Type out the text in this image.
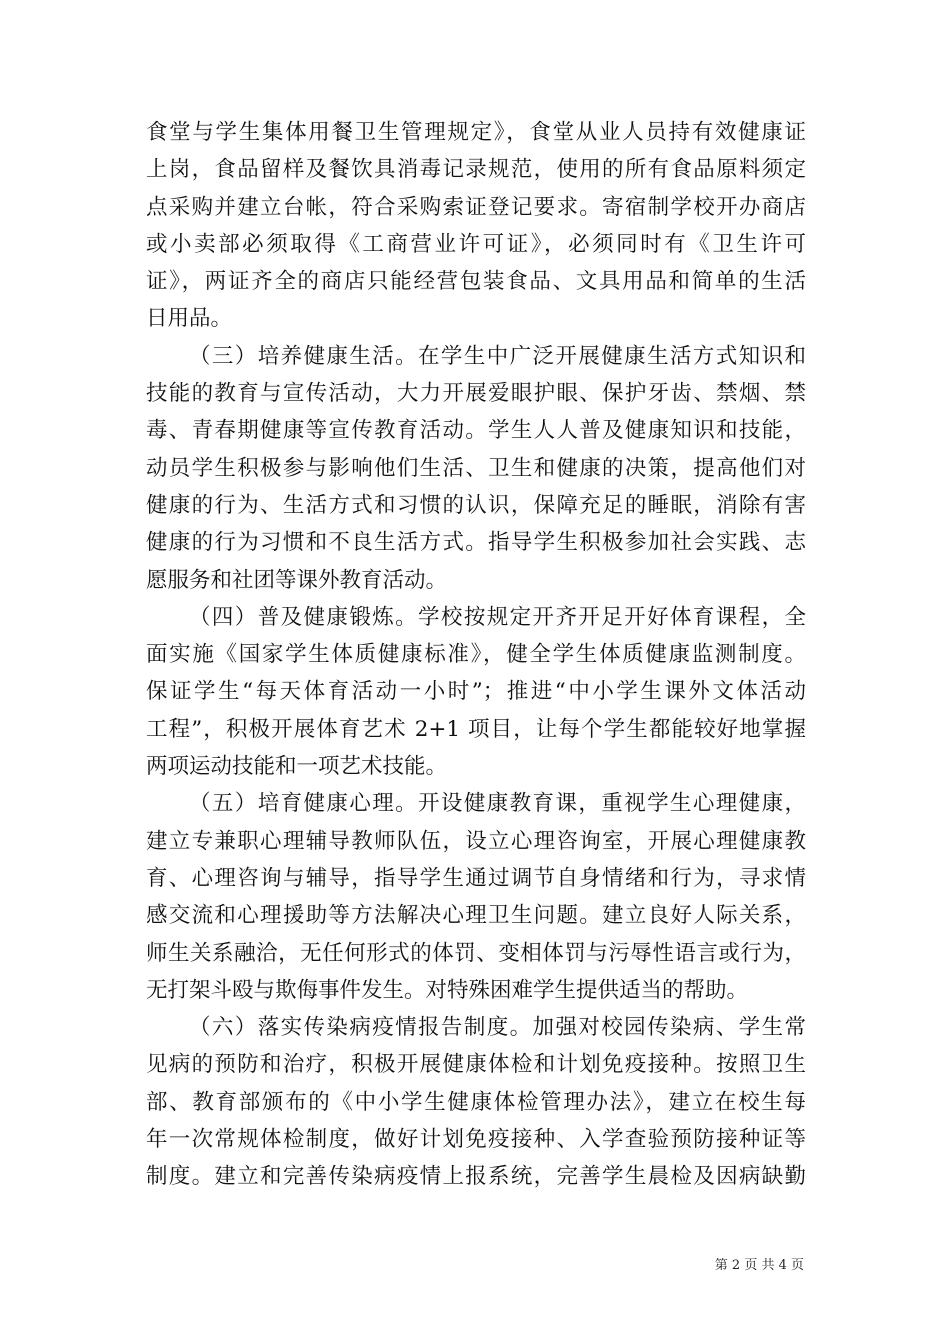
食堂与学生集体用餐卫生管理规定》，食堂从业人员持有效健康证
上岗，食品留样及餐饮具消毒记录规范，使用的所有食品原料须定
点采购并建立台帐，符合采购索证登记要求。寄宿制学校开办商店
或小卖部必须取得《工商营业许可证》，必须同时有《卫生许可
证》，两证齐全的商店只能经营包装食品、文具用品和简单的生活
日用品。
（三）培养健康生活。在学生中广泛开展健康生活方式知识和
技能的教育与宣传活动，大力开展爱眼护眼、保护牙齿、禁烟、禁
毒、青春期健康等宣传教育活动。学生人人普及健康知识和技能，
动员学生积极参与影响他们生活、卫生和健康的决策，提高他们对
健康的行为、生活方式和习惯的认识，保障充足的睡眠，消除有害
健康的行为习惯和不良生活方式。指导学生积极参加社会实践、志
愿服务和社团等课外教育活动。
（四）普及健康锻炼。学校按规定开齐开足开好体育课程，全
面实施《国家学生体质健康标准》，健全学生体质健康监测制度。
保证学生“每天体育活动一小时”；推进“中小学生课外文体活动
工程”，积极开展体育艺术 2+1 项目，让每个学生都能较好地掌握
两项运动技能和一项艺术技能。
（五）培育健康心理。开设健康教育课，重视学生心理健康，
建立专兼职心理辅导教师队伍，设立心理咨询室，开展心理健康教
育、心理咨询与辅导，指导学生通过调节自身情绪和行为，寻求情
感交流和心理援助等方法解决心理卫生问题。建立良好人际关系，
师生关系融洽，无任何形式的体罚、变相体罚与污辱性语言或行为，
无打架斗殴与欺侮事件发生。对特殊困难学生提供适当的帮助。
（六）落实传染病疫情报告制度。加强对校园传染病、学生常
见病的预防和治疗，积极开展健康体检和计划免疫接种。按照卫生
部、教育部颁布的《中小学生健康体检管理办法》，建立在校生每
年一次常规体检制度，做好计划免疫接种、入学查验预防接种证等
制度。建立和完善传染病疫情上报系统，完善学生晨检及因病缺勤
第 2 页 共 4 页
